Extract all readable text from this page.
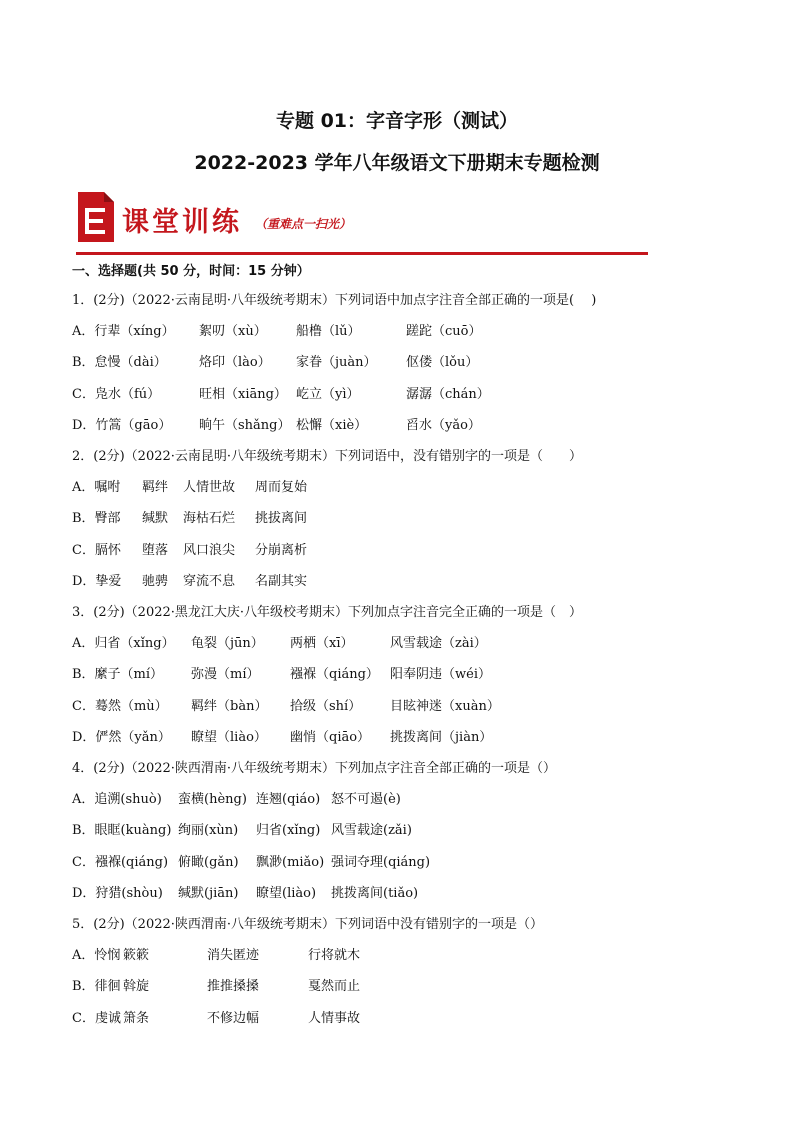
专题 01：字音字形（测试）
2022-2023 学年八年级语文下册期末专题检测
课堂训练 （重难点一扫光）
一、选择题(共 50 分，时间：15 分钟）
1．(2分)（2022·云南昆明·八年级统考期末）下列词语中加点字注音全部正确的一项是(　 )
A．行辈（xíng） 絮叨（xù） 船橹（lǔ）	蹉跎（cuō）
B．怠慢（dài） 烙印（lào） 家眷（juàn） 伛偻（lǒu）
C．凫水（fú）	旺相（xiāng） 屹立（yì）	潺潺（chán）
D．竹篙（gāo） 晌午（shǎng） 松懈（xiè）	舀水（yǎo）
2．(2分)（2022·云南昆明·八年级统考期末）下列词语中，没有错别字的一项是（　　）
A．嘱咐 羁绊 人情世故 周而复始
B．臀部 缄默 海枯石烂 挑拔离间
C．膈怀 堕落 风口浪尖 分崩离析
D．挚爱 驰骋 穿流不息 名副其实
3．(2分)（2022·黑龙江大庆·八年级校考期末）下列加点字注音完全正确的一项是（　）
A．归省（xǐng） 龟裂（jūn） 两栖（xī）	风雪载途（zài）
B．縻子（mí） 弥漫（mí） 襁褓（qiáng） 阳奉阴违（wéi）
C．蓦然（mù） 羁绊（bàn） 拾级（shí） 目眩神迷（xuàn）
D．俨然（yǎn） 瞭望（liào） 幽悄（qiāo） 挑拨离间（jiàn）
4．(2分)（2022·陕西渭南·八年级统考期末）下列加点字注音全部正确的一项是（）
A．追溯(shuò) 蛮横(hèng) 连翘(qiáo) 怒不可遏(è)
B．眼眶(kuàng) 绚丽(xùn) 归省(xǐng) 风雪载途(zǎi)
C．襁褓(qiáng) 俯瞰(gǎn) 飘渺(miǎo) 强词夺理(qiáng)
D．狩猎(shòu) 缄默(jiān) 瞭望(liào) 挑拨离间(tiǎo)
5．(2分)（2022·陕西渭南·八年级统考期末）下列词语中没有错别字的一项是（）
A．怜悯 簌簌	消失匿迹	行将就木
B．徘徊 斡旋	推推搡搡	戛然而止
C．虔诚 箫条	不修边幅	人情事故
